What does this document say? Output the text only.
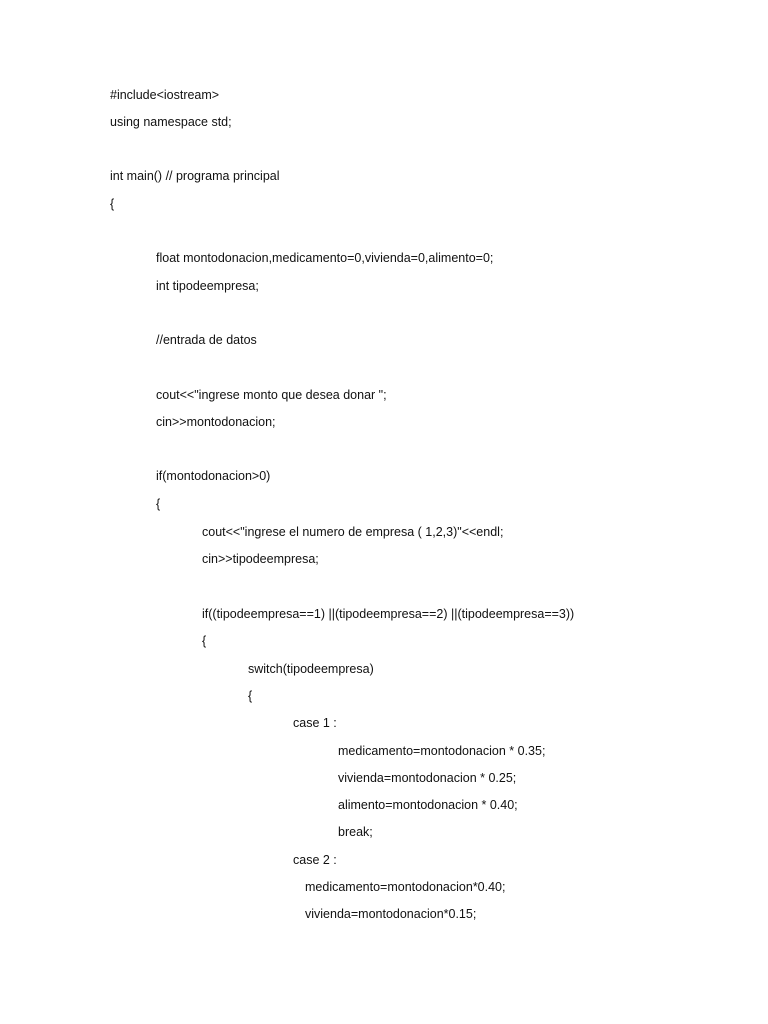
#include<iostream>
using namespace std;
int main() // programa principal
{
float montodonacion,medicamento=0,vivienda=0,alimento=0;
int tipodeempresa;
//entrada de datos
cout<<"ingrese monto que desea donar ";
cin>>montodonacion;
if(montodonacion>0)
{
cout<<"ingrese el numero de empresa ( 1,2,3)"<<endl;
cin>>tipodeempresa;
if((tipodeempresa==1) ||(tipodeempresa==2) ||(tipodeempresa==3))
{
switch(tipodeempresa)
{
case 1 :
medicamento=montodonacion * 0.35;
vivienda=montodonacion * 0.25;
alimento=montodonacion * 0.40;
break;
case 2 :
medicamento=montodonacion*0.40;
vivienda=montodonacion*0.15;
